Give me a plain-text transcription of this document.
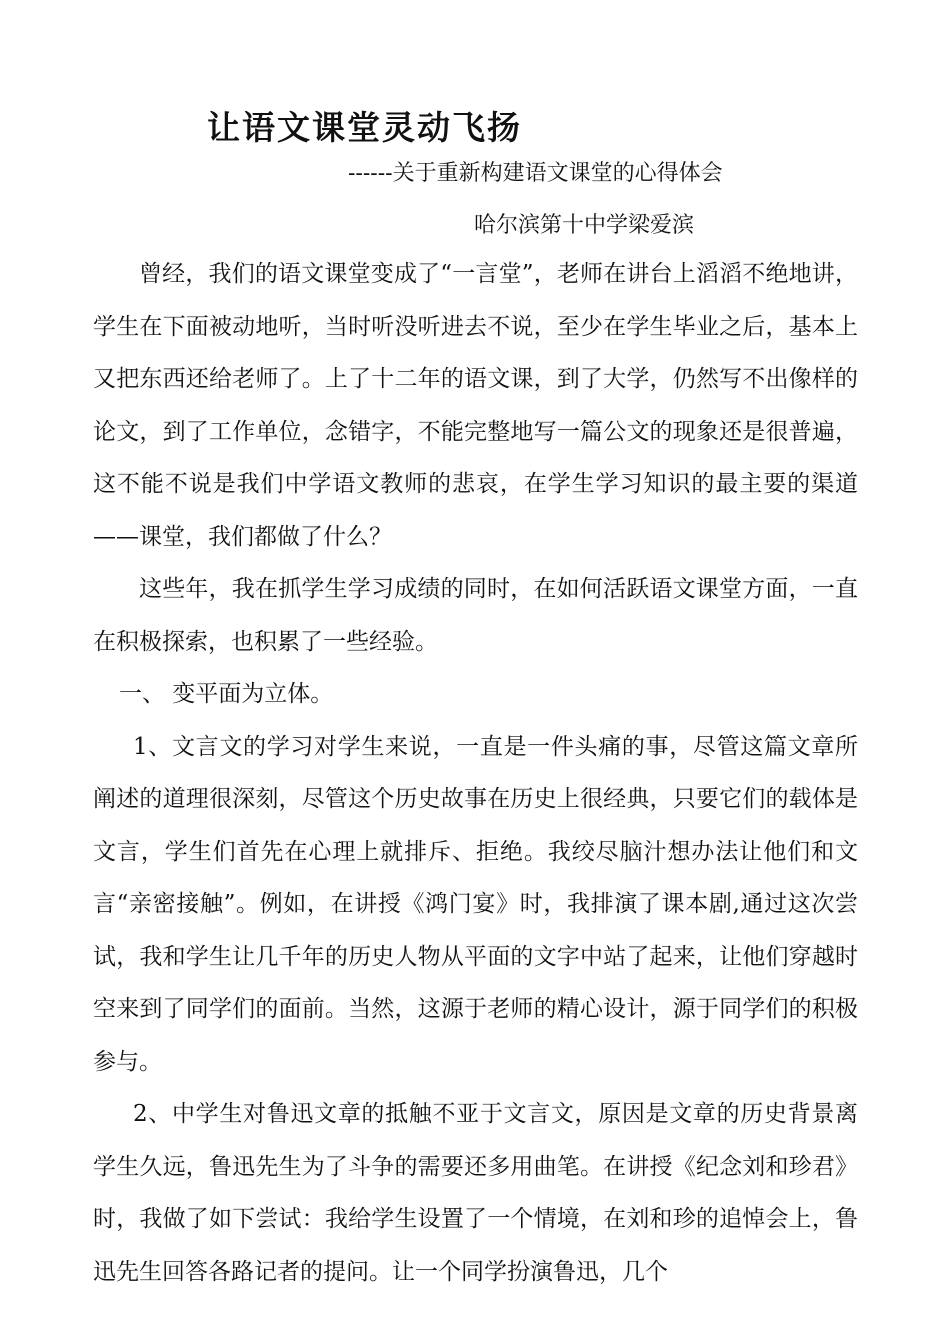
让语文课堂灵动飞扬
------关于重新构建语文课堂的心得体会
哈尔滨第十中学梁爱滨

曾经，我们的语文课堂变成了“一言堂”，老师在讲台上滔滔不绝地讲，学生在下面被动地听，当时听没听进去不说，至少在学生毕业之后，基本上又把东西还给老师了。上了十二年的语文课，到了大学，仍然写不出像样的论文，到了工作单位，念错字，不能完整地写一篇公文的现象还是很普遍，这不能不说是我们中学语文教师的悲哀，在学生学习知识的最主要的渠道——课堂，我们都做了什么？

这些年，我在抓学生学习成绩的同时，在如何活跃语文课堂方面，一直在积极探索，也积累了一些经验。

一、 变平面为立体。

1、文言文的学习对学生来说，一直是一件头痛的事，尽管这篇文章所阐述的道理很深刻，尽管这个历史故事在历史上很经典，只要它们的载体是文言，学生们首先在心理上就排斥、拒绝。我绞尽脑汁想办法让他们和文言“亲密接触”。例如，在讲授《鸿门宴》时，我排演了课本剧,通过这次尝试，我和学生让几千年的历史人物从平面的文字中站了起来，让他们穿越时空来到了同学们的面前。当然，这源于老师的精心设计，源于同学们的积极参与。

2、中学生对鲁迅文章的抵触不亚于文言文，原因是文章的历史背景离学生久远，鲁迅先生为了斗争的需要还多用曲笔。在讲授《纪念刘和珍君》时，我做了如下尝试：我给学生设置了一个情境，在刘和珍的追悼会上，鲁迅先生回答各路记者的提问。让一个同学扮演鲁迅，几个
